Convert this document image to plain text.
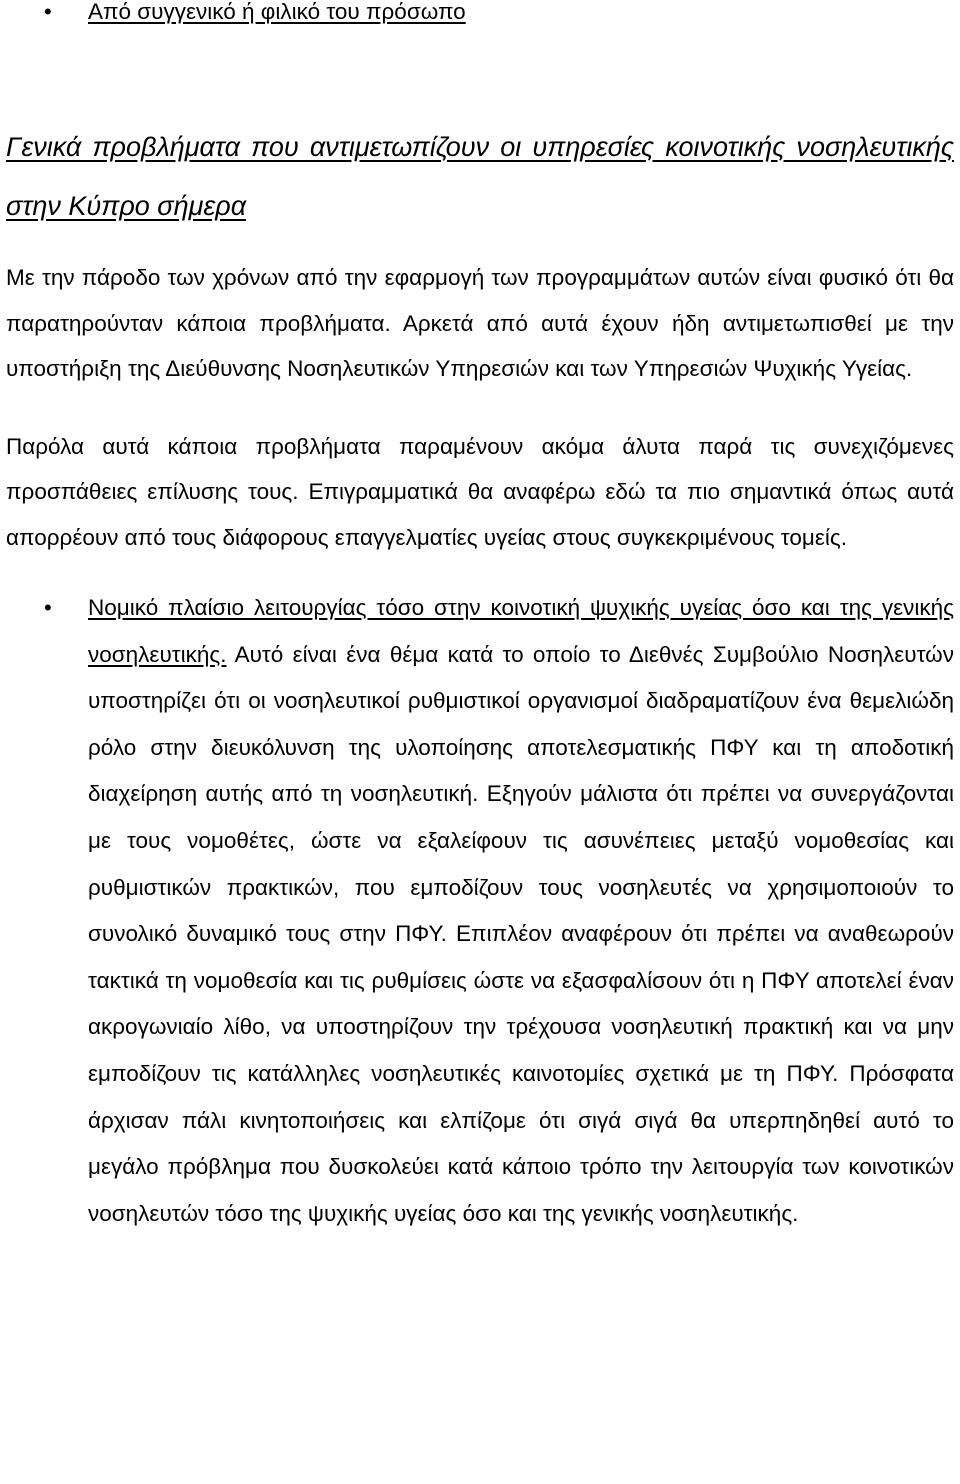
• Από συγγενικό ή φιλικό του πρόσωπο
Γενικά προβλήματα που αντιμετωπίζουν οι υπηρεσίες κοινοτικής νοσηλευτικής στην Κύπρο σήμερα

Με την πάροδο των χρόνων από την εφαρμογή των προγραμμάτων αυτών είναι φυσικό ότι θα παρατηρούνταν κάποια προβλήματα. Αρκετά από αυτά έχουν ήδη αντιμετωπισθεί με την υποστήριξη της Διεύθυνσης Νοσηλευτικών Υπηρεσιών και των Υπηρεσιών Ψυχικής Υγείας.

Παρόλα αυτά κάποια προβλήματα παραμένουν ακόμα άλυτα παρά τις συνεχιζόμενες προσπάθειες επίλυσης τους. Επιγραμματικά θα αναφέρω εδώ τα πιο σημαντικά όπως αυτά απορρέουν από τους διάφορους επαγγελματίες υγείας στους συγκεκριμένους τομείς.

• Νομικό πλαίσιο λειτουργίας τόσο στην κοινοτική ψυχικής υγείας όσο και της γενικής νοσηλευτικής. Αυτό είναι ένα θέμα κατά το οποίο το Διεθνές Συμβούλιο Νοσηλευτών υποστηρίζει ότι οι νοσηλευτικοί ρυθμιστικοί οργανισμοί διαδραματίζουν ένα θεμελιώδη ρόλο στην διευκόλυνση της υλοποίησης αποτελεσματικής ΠΦΥ και τη αποδοτική διαχείρηση αυτής από τη νοσηλευτική. Εξηγούν μάλιστα ότι πρέπει να συνεργάζονται με τους νομοθέτες, ώστε να εξαλείφουν τις ασυνέπειες μεταξύ νομοθεσίας και ρυθμιστικών πρακτικών, που εμποδίζουν τους νοσηλευτές να χρησιμοποιούν το συνολικό δυναμικό τους στην ΠΦΥ. Επιπλέον αναφέρουν ότι πρέπει να αναθεωρούν τακτικά τη νομοθεσία και τις ρυθμίσεις ώστε να εξασφαλίσουν ότι η ΠΦΥ αποτελεί έναν ακρογωνιαίο λίθο, να υποστηρίζουν την τρέχουσα νοσηλευτική πρακτική και να μην εμποδίζουν τις κατάλληλες νοσηλευτικές καινοτομίες σχετικά με τη ΠΦΥ. Πρόσφατα άρχισαν πάλι κινητοποιήσεις και ελπίζομε ότι σιγά σιγά θα υπερπηδηθεί αυτό το μεγάλο πρόβλημα που δυσκολεύει κατά κάποιο τρόπο την λειτουργία των κοινοτικών νοσηλευτών τόσο της ψυχικής υγείας όσο και της γενικής νοσηλευτικής.
